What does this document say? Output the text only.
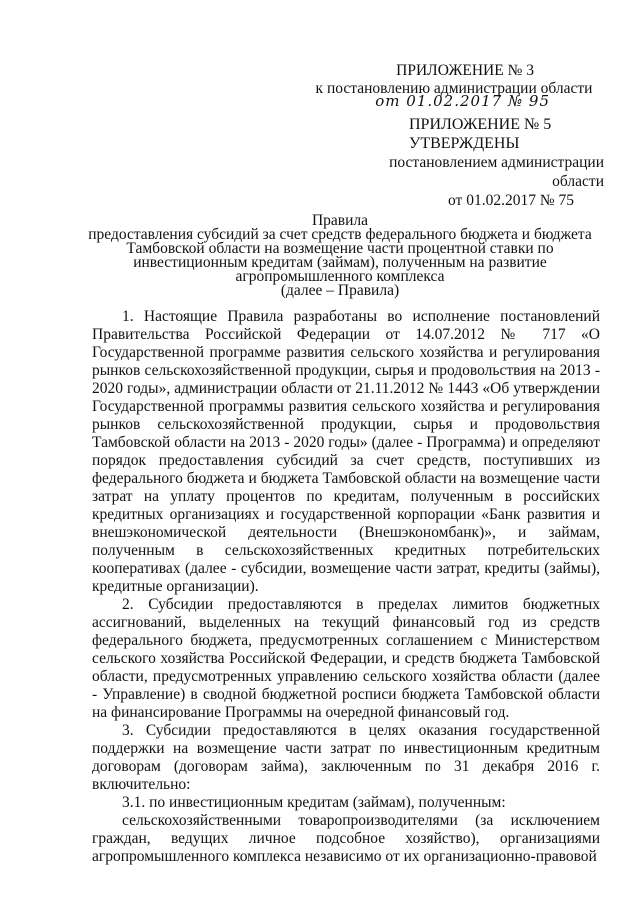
ПРИЛОЖЕНИЕ № 3
к постановлению администрации области
от 01.02.2017 № 95
ПРИЛОЖЕНИЕ № 5
УТВЕРЖДЕНЫ
постановлением администрации области
от 01.02.2017 № 75
Правила
предоставления субсидий за счет средств федерального бюджета и бюджета
Тамбовской области на возмещение части процентной ставки по
инвестиционным кредитам (займам), полученным на развитие
агропромышленного комплекса
(далее – Правила)

1. Настоящие Правила разработаны во исполнение постановлений Правительства Российской Федерации от 14.07.2012 № 717 «О Государственной программе развития сельского хозяйства и регулирования рынков сельскохозяйственной продукции, сырья и продовольствия на 2013 - 2020 годы», администрации области от 21.11.2012 № 1443 «Об утверждении Государственной программы развития сельского хозяйства и регулирования рынков сельскохозяйственной продукции, сырья и продовольствия Тамбовской области на 2013 - 2020 годы» (далее - Программа) и определяют порядок предоставления субсидий за счет средств, поступивших из федерального бюджета и бюджета Тамбовской области на возмещение части затрат на уплату процентов по кредитам, полученным в российских кредитных организациях и государственной корпорации «Банк развития и внешэкономической деятельности (Внешэкономбанк)», и займам, полученным в сельскохозяйственных кредитных потребительских кооперативах (далее - субсидии, возмещение части затрат, кредиты (займы), кредитные организации).

2. Субсидии предоставляются в пределах лимитов бюджетных ассигнований, выделенных на текущий финансовый год из средств федерального бюджета, предусмотренных соглашением с Министерством сельского хозяйства Российской Федерации, и средств бюджета Тамбовской области, предусмотренных управлению сельского хозяйства области (далее - Управление) в сводной бюджетной росписи бюджета Тамбовской области на финансирование Программы на очередной финансовый год.

3. Субсидии предоставляются в целях оказания государственной поддержки на возмещение части затрат по инвестиционным кредитным договорам (договорам займа), заключенным по 31 декабря 2016 г. включительно:

3.1. по инвестиционным кредитам (займам), полученным:

сельскохозяйственными товаропроизводителями (за исключением граждан, ведущих личное подсобное хозяйство), организациями агропромышленного комплекса независимо от их организационно-правовой
